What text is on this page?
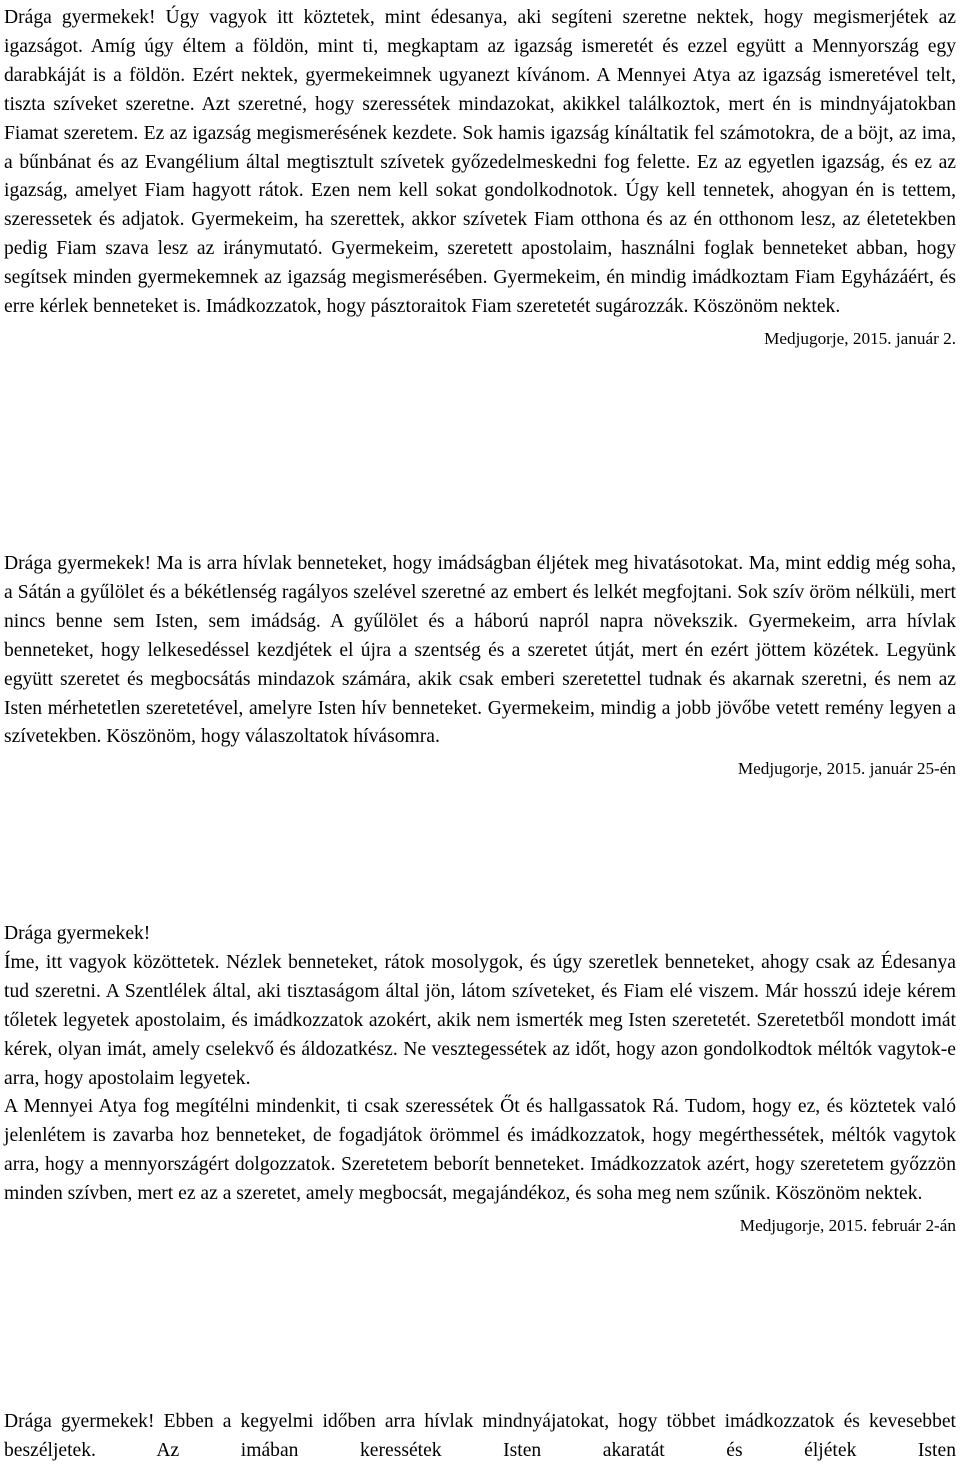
Drága gyermekek! Úgy vagyok itt köztetek, mint édesanya, aki segíteni szeretne nektek, hogy megismerjétek az igazságot. Amíg úgy éltem a földön, mint ti, megkaptam az igazság ismeretét és ezzel együtt a Mennyország egy darabkáját is a földön. Ezért nektek, gyermekeimnek ugyanezt kívánom. A Mennyei Atya az igazság ismeretével telt, tiszta szíveket szeretne. Azt szeretné, hogy szeressétek mindazokat, akikkel találkoztok, mert én is mindnyájatokban Fiamat szeretem. Ez az igazság megismerésének kezdete. Sok hamis igazság kínáltatik fel számotokra, de a böjt, az ima, a bűnbánat és az Evangélium által megtisztult szívetek győzedelmeskedni fog felette. Ez az egyetlen igazság, és ez az igazság, amelyet Fiam hagyott rátok. Ezen nem kell sokat gondolkodnotok. Úgy kell tennetek, ahogyan én is tettem, szeressetek és adjatok. Gyermekeim, ha szerettek, akkor szívetek Fiam otthona és az én otthonom lesz, az életetekben pedig Fiam szava lesz az iránymutató. Gyermekeim, szeretett apostolaim, használni foglak benneteket abban, hogy segítsek minden gyermekemnek az igazság megismerésében. Gyermekeim, én mindig imádkoztam Fiam Egyházáért, és erre kérlek benneteket is. Imádkozzatok, hogy pásztoraitok Fiam szeretetét sugározzák. Köszönöm nektek.

Medjugorje, 2015. január 2.

Drága gyermekek! Ma is arra hívlak benneteket, hogy imádságban éljétek meg hivatásotokat. Ma, mint eddig még soha, a Sátán a gyűlölet és a békétlenség ragályos szelével szeretné az embert és lelkét megfojtani. Sok szív öröm nélküli, mert nincs benne sem Isten, sem imádság. A gyűlölet és a háború napról napra növekszik. Gyermekeim, arra hívlak benneteket, hogy lelkesedéssel kezdjétek el újra a szentség és a szeretet útját, mert én ezért jöttem közétek. Legyünk együtt szeretet és megbocsátás mindazok számára, akik csak emberi szeretettel tudnak és akarnak szeretni, és nem az Isten mérhetetlen szeretetével, amelyre Isten hív benneteket. Gyermekeim, mindig a jobb jövőbe vetett remény legyen a szívetekben. Köszönöm, hogy válaszoltatok hívásomra.

Medjugorje, 2015. január 25-én

Drága gyermekek!

Íme, itt vagyok közöttetek. Nézlek benneteket, rátok mosolygok, és úgy szeretlek benneteket, ahogy csak az Édesanya tud szeretni. A Szentlélek által, aki tisztaságom által jön, látom szíveteket, és Fiam elé viszem. Már hosszú ideje kérem tőletek legyetek apostolaim, és imádkozzatok azokért, akik nem ismerték meg Isten szeretetét. Szeretetből mondott imát kérek, olyan imát, amely cselekvő és áldozatkész. Ne vesztegessétek az időt, hogy azon gondolkodtok méltók vagytok-e arra, hogy apostolaim legyetek.

A Mennyei Atya fog megítélni mindenkit, ti csak szeressétek Őt és hallgassatok Rá. Tudom, hogy ez, és köztetek való jelenlétem is zavarba hoz benneteket, de fogadjátok örömmel és imádkozzatok, hogy megérthessétek, méltók vagytok arra, hogy a mennyországért dolgozzatok. Szeretetem beborít benneteket. Imádkozzatok azért, hogy szeretetem győzzön minden szívben, mert ez az a szeretet, amely megbocsát, megajándékoz, és soha meg nem szűnik. Köszönöm nektek.

Medjugorje, 2015. február 2-án

Drága gyermekek! Ebben a kegyelmi időben arra hívlak mindnyájatokat, hogy többet imádkozzatok és kevesebbet beszéljetek. Az imában keressétek Isten akaratát és éljétek Isten
